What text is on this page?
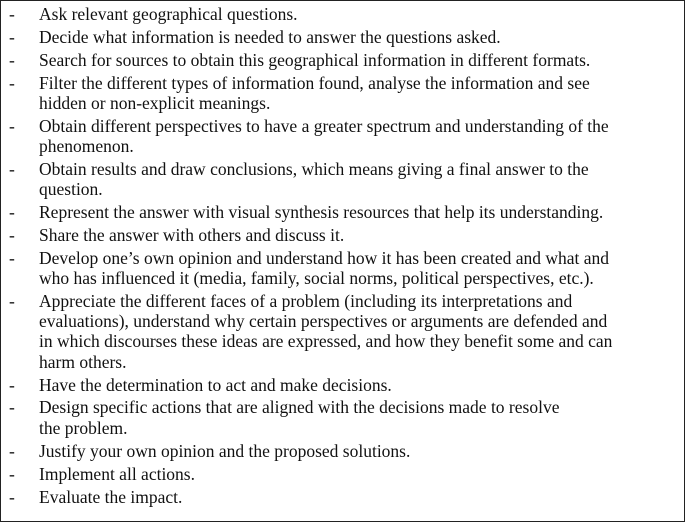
- Ask relevant geographical questions.
- Decide what information is needed to answer the questions asked.
- Search for sources to obtain this geographical information in different formats.
- Filter the different types of information found, analyse the information and see
hidden or non-explicit meanings.
- Obtain different perspectives to have a greater spectrum and understanding of the
phenomenon.
- Obtain results and draw conclusions, which means giving a final answer to the
question.
- Represent the answer with visual synthesis resources that help its understanding.
- Share the answer with others and discuss it.
- Develop one’s own opinion and understand how it has been created and what and
who has influenced it (media, family, social norms, political perspectives, etc.).
- Appreciate the different faces of a problem (including its interpretations and
evaluations), understand why certain perspectives or arguments are defended and
in which discourses these ideas are expressed, and how they benefit some and can
harm others.
- Have the determination to act and make decisions.
- Design specific actions that are aligned with the decisions made to resolve
the problem.
- Justify your own opinion and the proposed solutions.
- Implement all actions.
- Evaluate the impact.
